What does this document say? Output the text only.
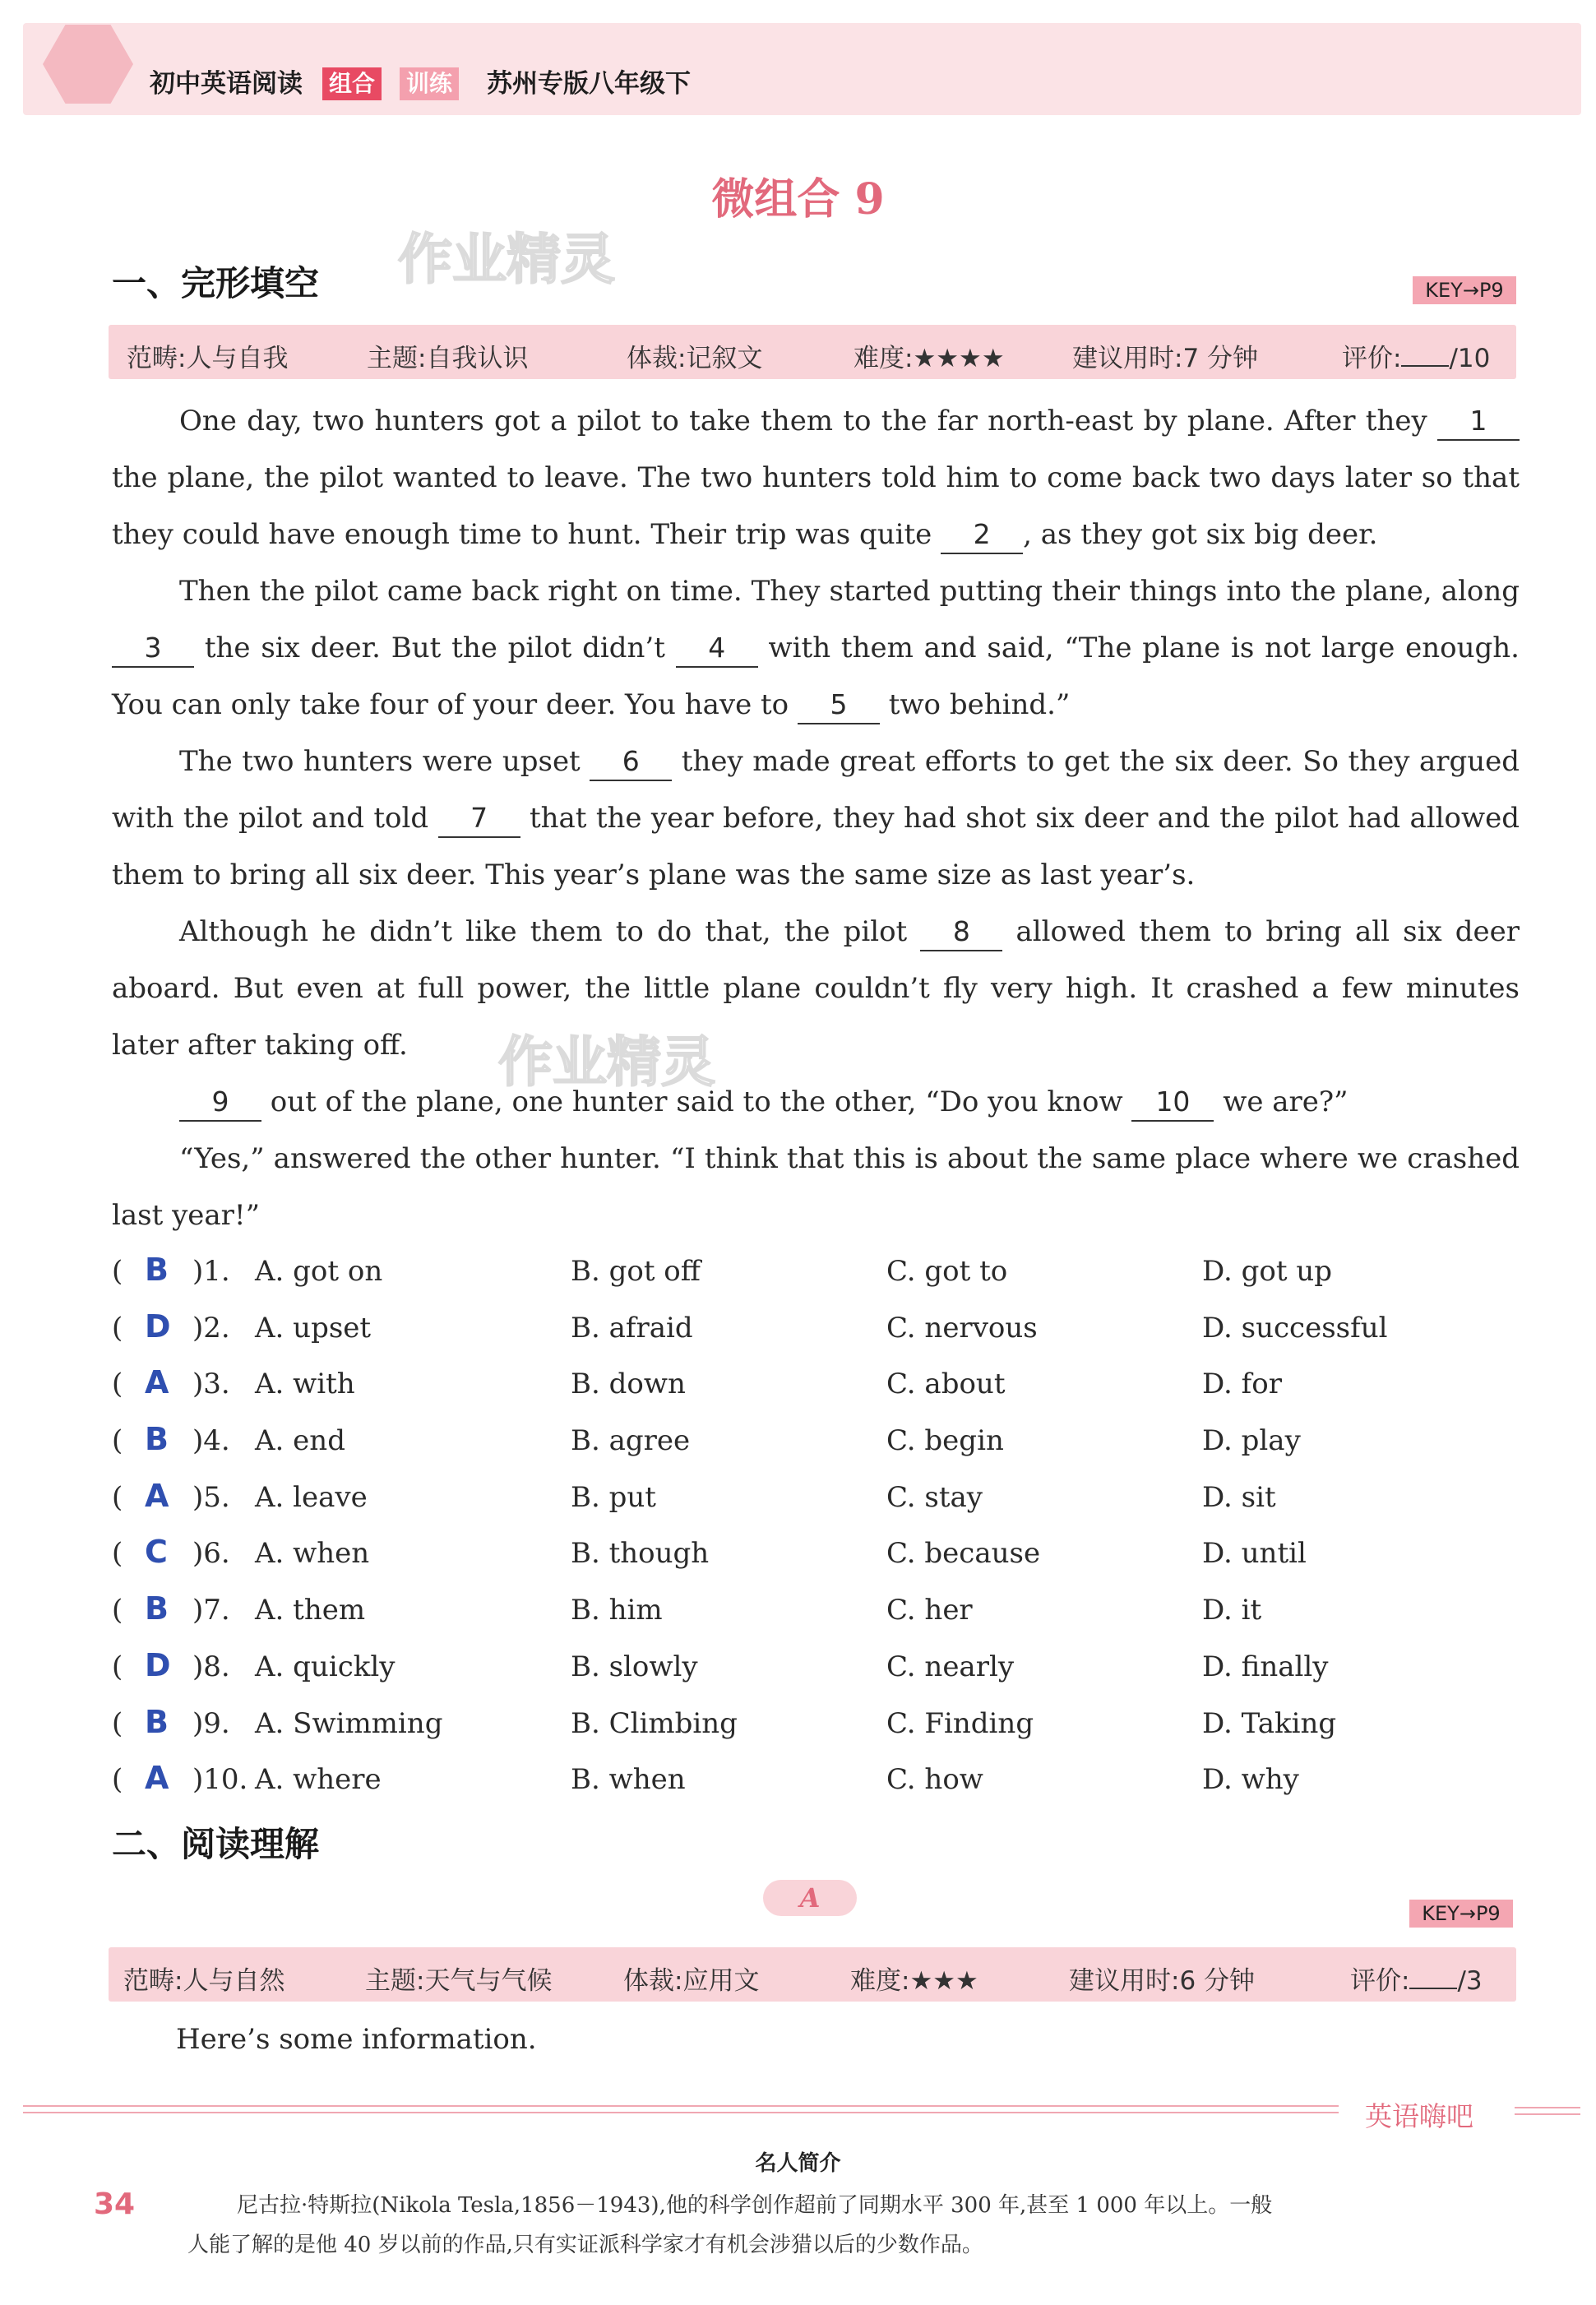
初中英语阅读 组合 训练 苏州专版八年级下
微组合 9
作业精灵
作业精灵
一、完形填空	KEY→P9
范畴:人与自我	主题:自我认识	体裁:记叙文	难度:★★★★	建议用时:7 分钟	评价: /10

One day, two hunters got a pilot to take them to the far north-east by plane. After they 1 the plane, the pilot wanted to leave. The two hunters told him to come back two days later so that they could have enough time to hunt. Their trip was quite 2 , as they got six big deer.

Then the pilot came back right on time. They started putting their things into the plane, along 3 the six deer. But the pilot didn’t 4 with them and said, “The plane is not large enough. You can only take four of your deer. You have to 5 two behind.”

The two hunters were upset 6 they made great efforts to get the six deer. So they argued with the pilot and told 7 that the year before, they had shot six deer and the pilot had allowed them to bring all six deer. This year’s plane was the same size as last year’s.

Although he didn’t like them to do that, the pilot 8 allowed them to bring all six deer aboard. But even at full power, the little plane couldn’t fly very high. It crashed a few minutes later after taking off.

9 out of the plane, one hunter said to the other, “Do you know 10 we are?”

“Yes,” answered the other hunter. “I think that this is about the same place where we crashed last year!”

( B )1. A. got on	B. got off	C. got to	D. got up
( D )2. A. upset	B. afraid	C. nervous	D. successful
( A )3. A. with	B. down	C. about	D. for
( B )4. A. end	B. agree	C. begin	D. play
( A )5. A. leave	B. put	C. stay	D. sit
( C )6. A. when	B. though	C. because	D. until
( B )7. A. them	B. him	C. her	D. it
( D )8. A. quickly	B. slowly	C. nearly	D. finally
( B )9. A. Swimming	B. Climbing	C. Finding	D. Taking
( A )10. A. where	B. when	C. how	D. why
二、阅读理解
A	KEY→P9
范畴:人与自然	主题:天气与气候	体裁:应用文	难度:★★★	建议用时:6 分钟	评价: /3
Here’s some information.
英语嗨吧
名人简介
34	尼古拉·特斯拉(Nikola Tesla,1856－1943),他的科学创作超前了同期水平 300 年,甚至 1 000 年以上。一般
人能了解的是他 40 岁以前的作品,只有实证派科学家才有机会涉猎以后的少数作品。
